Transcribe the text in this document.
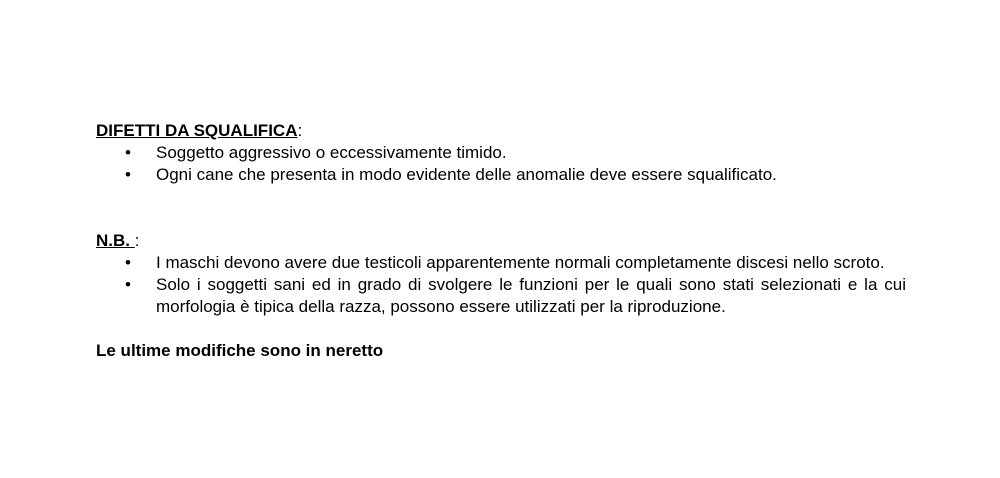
DIFETTI DA SQUALIFICA:

• Soggetto aggressivo o eccessivamente timido.
• Ogni cane che presenta in modo evidente delle anomalie deve essere squalificato.

N.B. :

• I maschi devono avere due testicoli apparentemente normali completamente discesi nello scroto.
• Solo i soggetti sani ed in grado di svolgere le funzioni per le quali sono stati selezionati e la cui morfologia è tipica della razza, possono essere utilizzati per la riproduzione.

Le ultime modifiche sono in neretto
